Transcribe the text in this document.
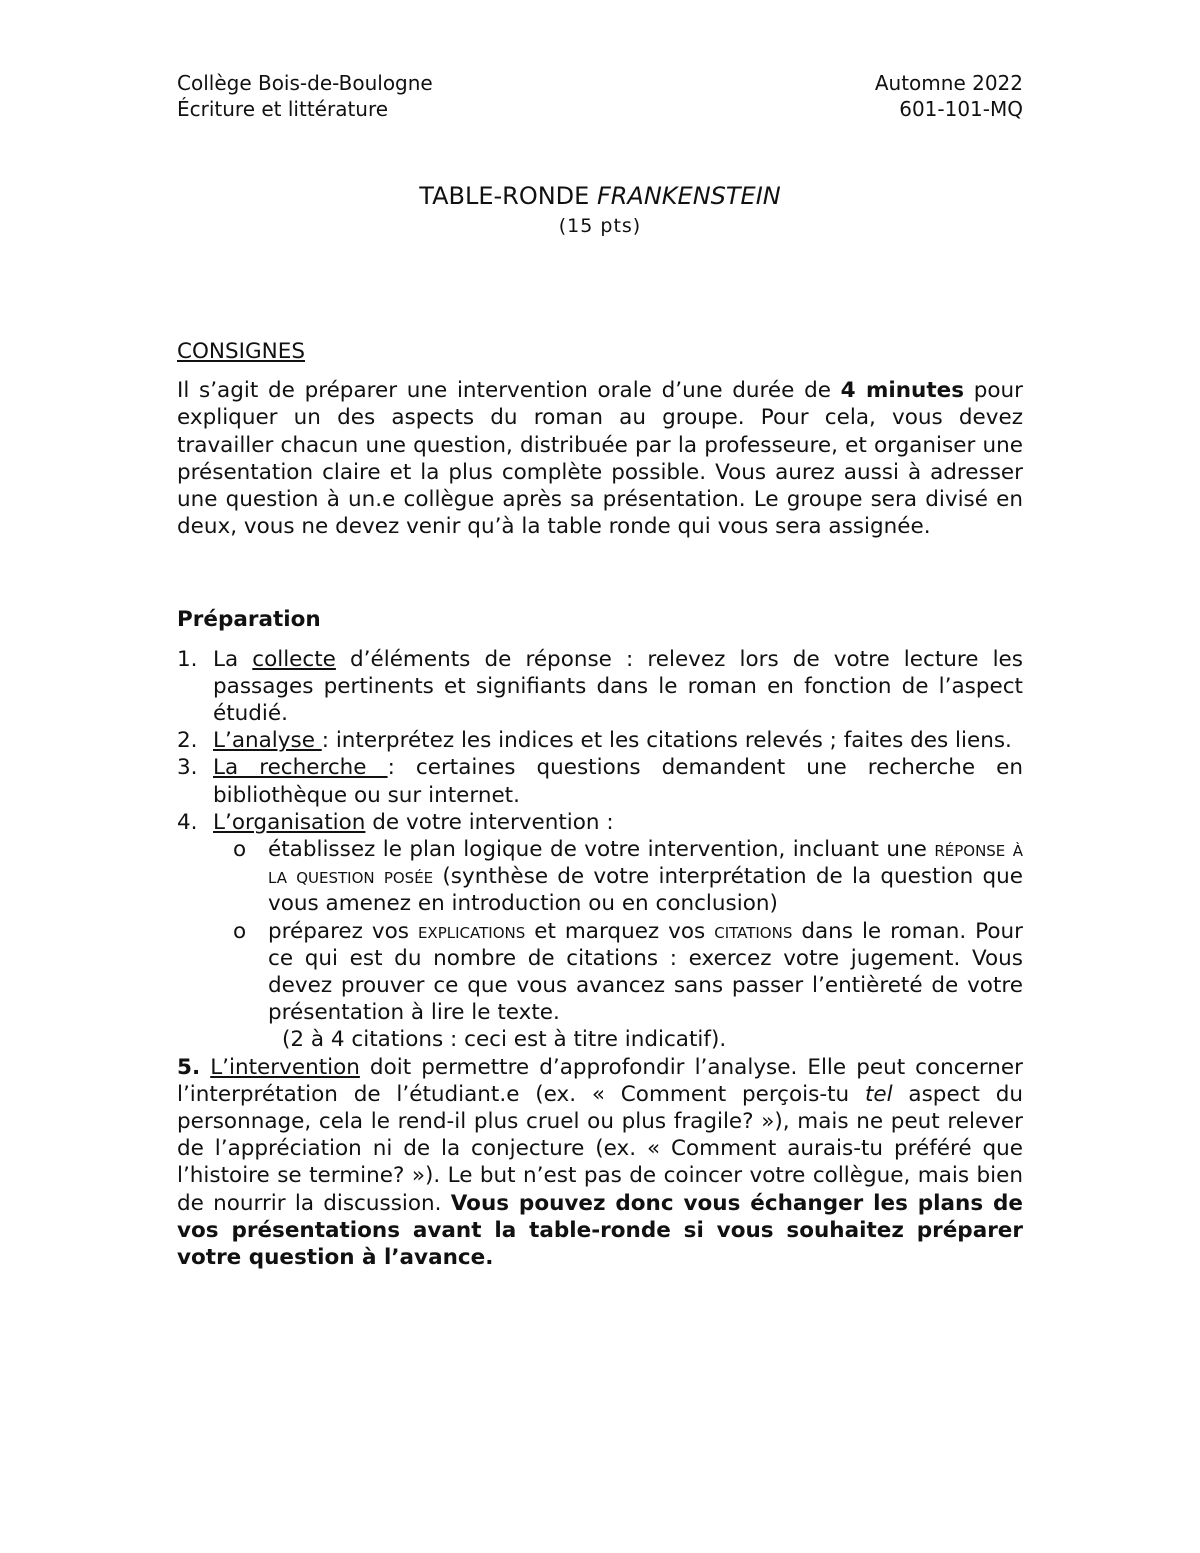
Collège Bois-de-Boulogne
Écriture et littérature
Automne 2022
601-101-MQ
TABLE-RONDE FRANKENSTEIN
(15 pts)
CONSIGNES

Il s’agit de préparer une intervention orale d’une durée de 4 minutes pour expliquer un des aspects du roman au groupe. Pour cela, vous devez travailler chacun une question, distribuée par la professeure, et organiser une présentation claire et la plus complète possible. Vous aurez aussi à adresser une question à un.e collègue après sa présentation. Le groupe sera divisé en deux, vous ne devez venir qu’à la table ronde qui vous sera assignée.

Préparation
1. La collecte d’éléments de réponse : relevez lors de votre lecture les passages pertinents et signifiants dans le roman en fonction de l’aspect étudié.
2. L’analyse : interprétez les indices et les citations relevés ; faites des liens.
3. La recherche : certaines questions demandent une recherche en bibliothèque ou sur internet.
4. L’organisation de votre intervention :
o établissez le plan logique de votre intervention, incluant une réponse à la question posée (synthèse de votre interprétation de la question que vous amenez en introduction ou en conclusion)
o préparez vos explications et marquez vos citations dans le roman. Pour ce qui est du nombre de citations : exercez votre jugement. Vous devez prouver ce que vous avancez sans passer l’entièreté de votre présentation à lire le texte.
(2 à 4 citations : ceci est à titre indicatif).

5. L’intervention doit permettre d’approfondir l’analyse. Elle peut concerner l’interprétation de l’étudiant.e (ex. « Comment perçois-tu tel aspect du personnage, cela le rend-il plus cruel ou plus fragile? »), mais ne peut relever de l’appréciation ni de la conjecture (ex. « Comment aurais-tu préféré que l’histoire se termine? »). Le but n’est pas de coincer votre collègue, mais bien de nourrir la discussion. Vous pouvez donc vous échanger les plans de vos présentations avant la table-ronde si vous souhaitez préparer votre question à l’avance.
